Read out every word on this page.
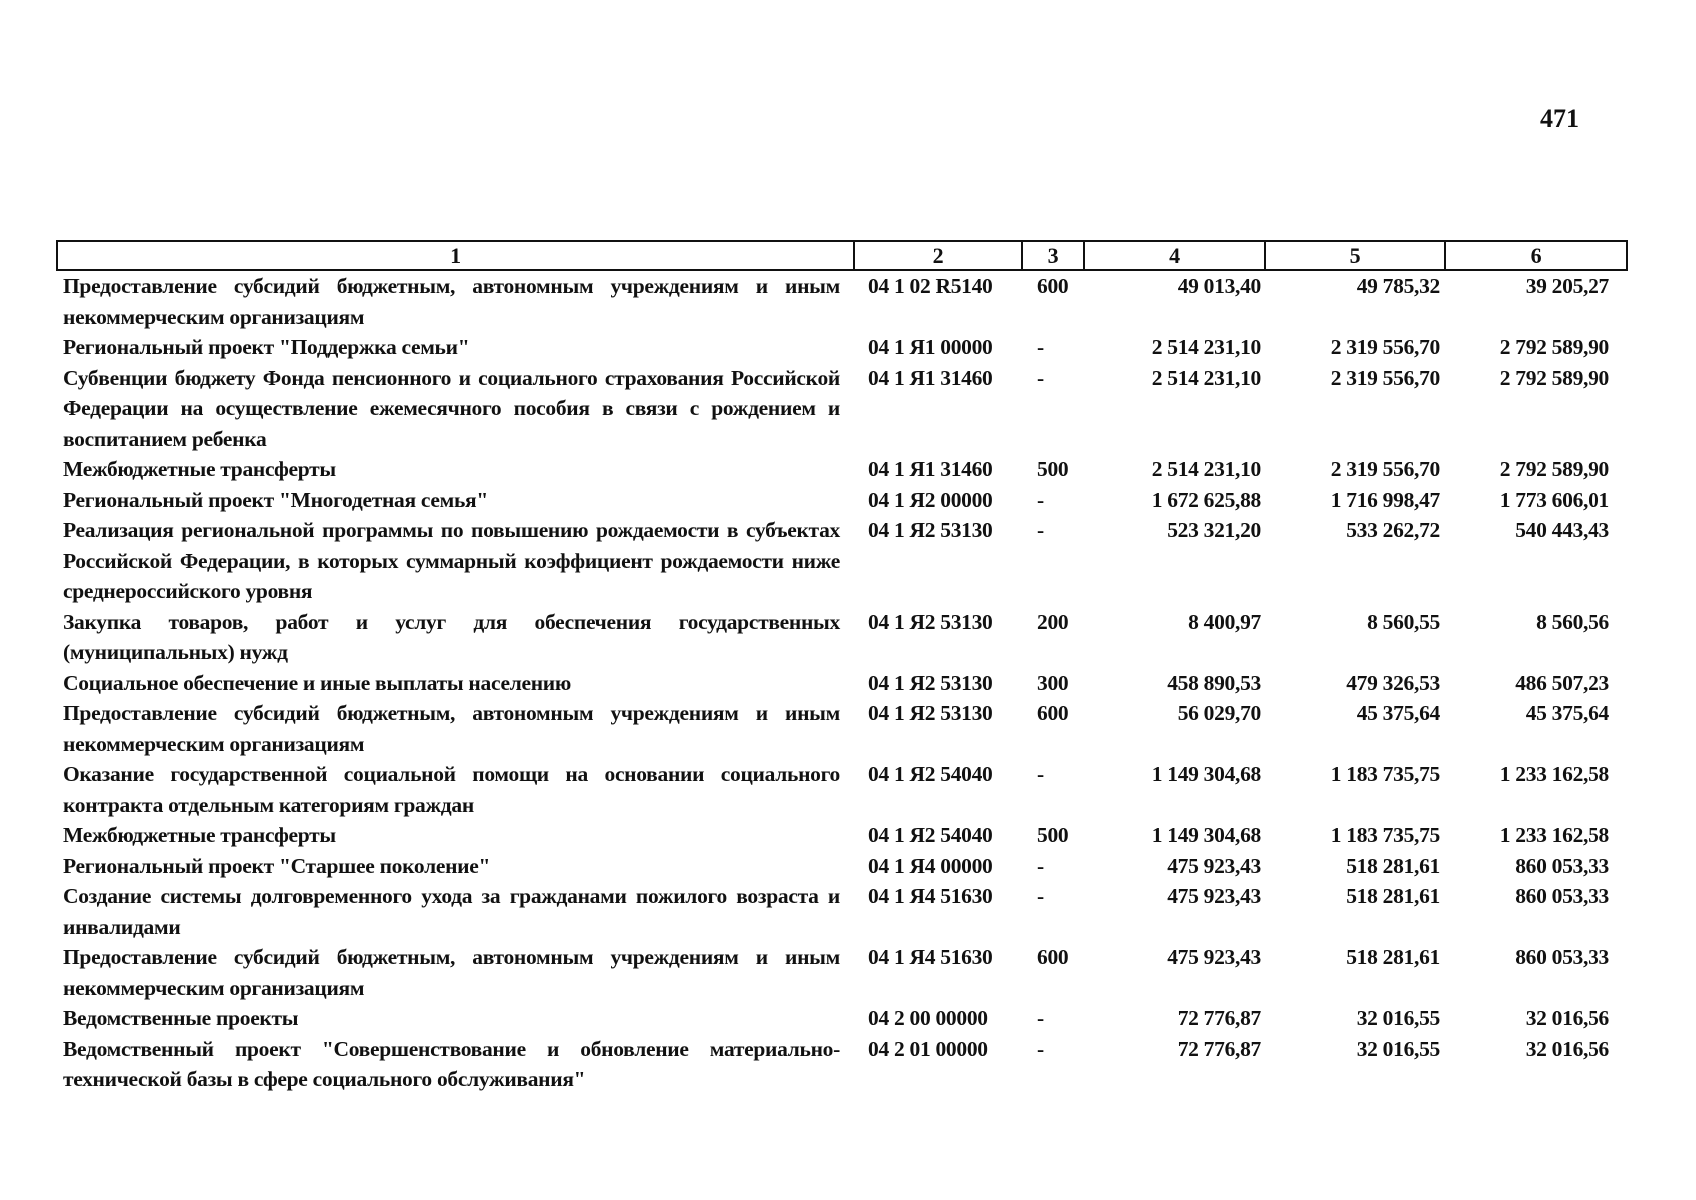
471
1	2	3	4	5	6
Предоставление субсидий бюджетным, автономным учреждениям и иным некоммерческим организациям	04 1 02 R5140	600	49 013,40	49 785,32	39 205,27
Региональный проект "Поддержка семьи"	04 1 Я1 00000	-	2 514 231,10	2 319 556,70	2 792 589,90
Субвенции бюджету Фонда пенсионного и социального страхования Российской Федерации на осуществление ежемесячного пособия в связи с рождением и воспитанием ребенка	04 1 Я1 31460	-	2 514 231,10	2 319 556,70	2 792 589,90
Межбюджетные трансферты	04 1 Я1 31460	500	2 514 231,10	2 319 556,70	2 792 589,90
Региональный проект "Многодетная семья"	04 1 Я2 00000	-	1 672 625,88	1 716 998,47	1 773 606,01
Реализация региональной программы по повышению рождаемости в субъектах Российской Федерации, в которых суммарный коэффициент рождаемости ниже среднероссийского уровня	04 1 Я2 53130	-	523 321,20	533 262,72	540 443,43
Закупка товаров, работ и услуг для обеспечения государственных (муниципальных) нужд	04 1 Я2 53130	200	8 400,97	8 560,55	8 560,56
Социальное обеспечение и иные выплаты населению	04 1 Я2 53130	300	458 890,53	479 326,53	486 507,23
Предоставление субсидий бюджетным, автономным учреждениям и иным некоммерческим организациям	04 1 Я2 53130	600	56 029,70	45 375,64	45 375,64
Оказание государственной социальной помощи на основании социального контракта отдельным категориям граждан	04 1 Я2 54040	-	1 149 304,68	1 183 735,75	1 233 162,58
Межбюджетные трансферты	04 1 Я2 54040	500	1 149 304,68	1 183 735,75	1 233 162,58
Региональный проект "Старшее поколение"	04 1 Я4 00000	-	475 923,43	518 281,61	860 053,33
Создание системы долговременного ухода за гражданами пожилого возраста и инвалидами	04 1 Я4 51630	-	475 923,43	518 281,61	860 053,33
Предоставление субсидий бюджетным, автономным учреждениям и иным некоммерческим организациям	04 1 Я4 51630	600	475 923,43	518 281,61	860 053,33
Ведомственные проекты	04 2 00 00000	-	72 776,87	32 016,55	32 016,56
Ведомственный проект "Совершенствование и обновление материально-технической базы в сфере социального обслуживания"	04 2 01 00000	-	72 776,87	32 016,55	32 016,56
